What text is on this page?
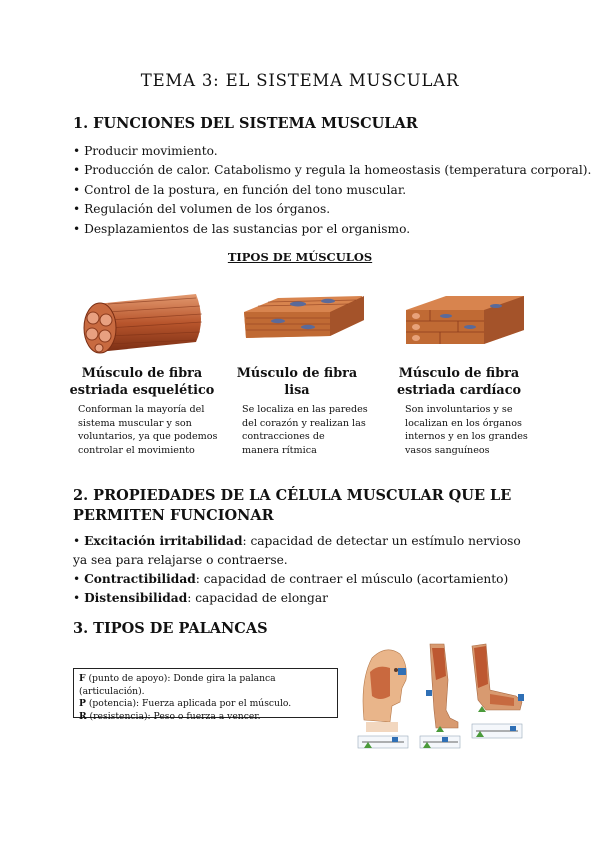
TEMA 3: EL SISTEMA MUSCULAR
1. FUNCIONES DEL SISTEMA MUSCULAR
• Producir movimiento.
• Producción de calor. Catabolismo y regula la homeostasis (temperatura corporal).
• Control de la postura, en función del tono muscular.
• Regulación del volumen de los órganos.
• Desplazamientos de las sustancias por el organismo.
TIPOS DE MÚSCULOS
Músculo de fibra
estriada esquelético
Músculo de fibra
lisa
Músculo de fibra
estriada cardíaco
Conforman la mayoría del
sistema muscular y son
voluntarios, ya que podemos
controlar el movimiento
Se localiza en las paredes
del corazón y realizan las
contracciones de
manera rítmica
Son involuntarios y se
localizan en los órganos
internos y en los grandes
vasos sanguíneos
2. PROPIEDADES DE LA CÉLULA MUSCULAR QUE LE
PERMITEN FUNCIONAR
• Excitación irritabilidad: capacidad de detectar un estímulo nervioso ya sea para relajarse o contraerse.
• Contractibilidad: capacidad de contraer el músculo (acortamiento)
• Distensibilidad: capacidad de elongar
3. TIPOS DE PALANCAS
F (punto de apoyo): Donde gira la palanca (articulación).
P (potencia): Fuerza aplicada por el músculo.
R (resistencia): Peso o fuerza a vencer.
